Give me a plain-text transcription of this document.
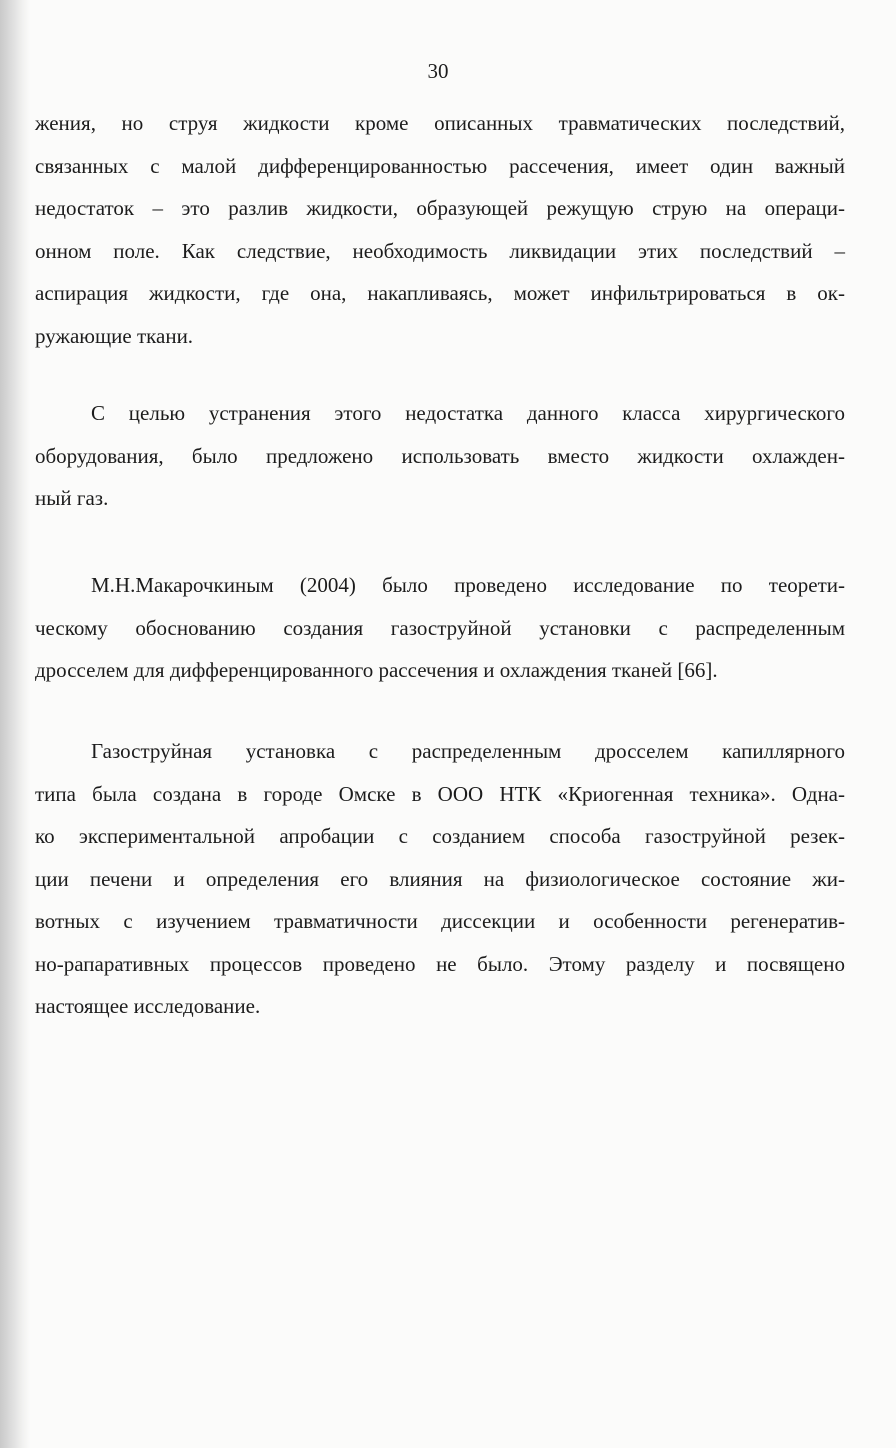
30

жения, но струя жидкости кроме описанных травматических последствий,
связанных с малой дифференцированностью рассечения, имеет один важный
недостаток – это разлив жидкости, образующей режущую струю на операци-
онном поле. Как следствие, необходимость ликвидации этих последствий –
аспирация жидкости, где она, накапливаясь, может инфильтрироваться в ок-
ружающие ткани.

С целью устранения этого недостатка данного класса хирургического
оборудования, было предложено использовать вместо жидкости охлажден-
ный газ.

М.Н.Макарочкиным (2004) было проведено исследование по теорети-
ческому обоснованию создания газоструйной установки с распределенным
дросселем для дифференцированного рассечения и охлаждения тканей [66].

Газоструйная установка с распределенным дросселем капиллярного
типа была создана в городе Омске в ООО НТК «Криогенная техника». Одна-
ко экспериментальной апробации с созданием способа газоструйной резек-
ции печени и определения его влияния на физиологическое состояние жи-
вотных с изучением травматичности диссекции и особенности регенератив-
но-рапаративных процессов проведено не было. Этому разделу и посвящено
настоящее исследование.
